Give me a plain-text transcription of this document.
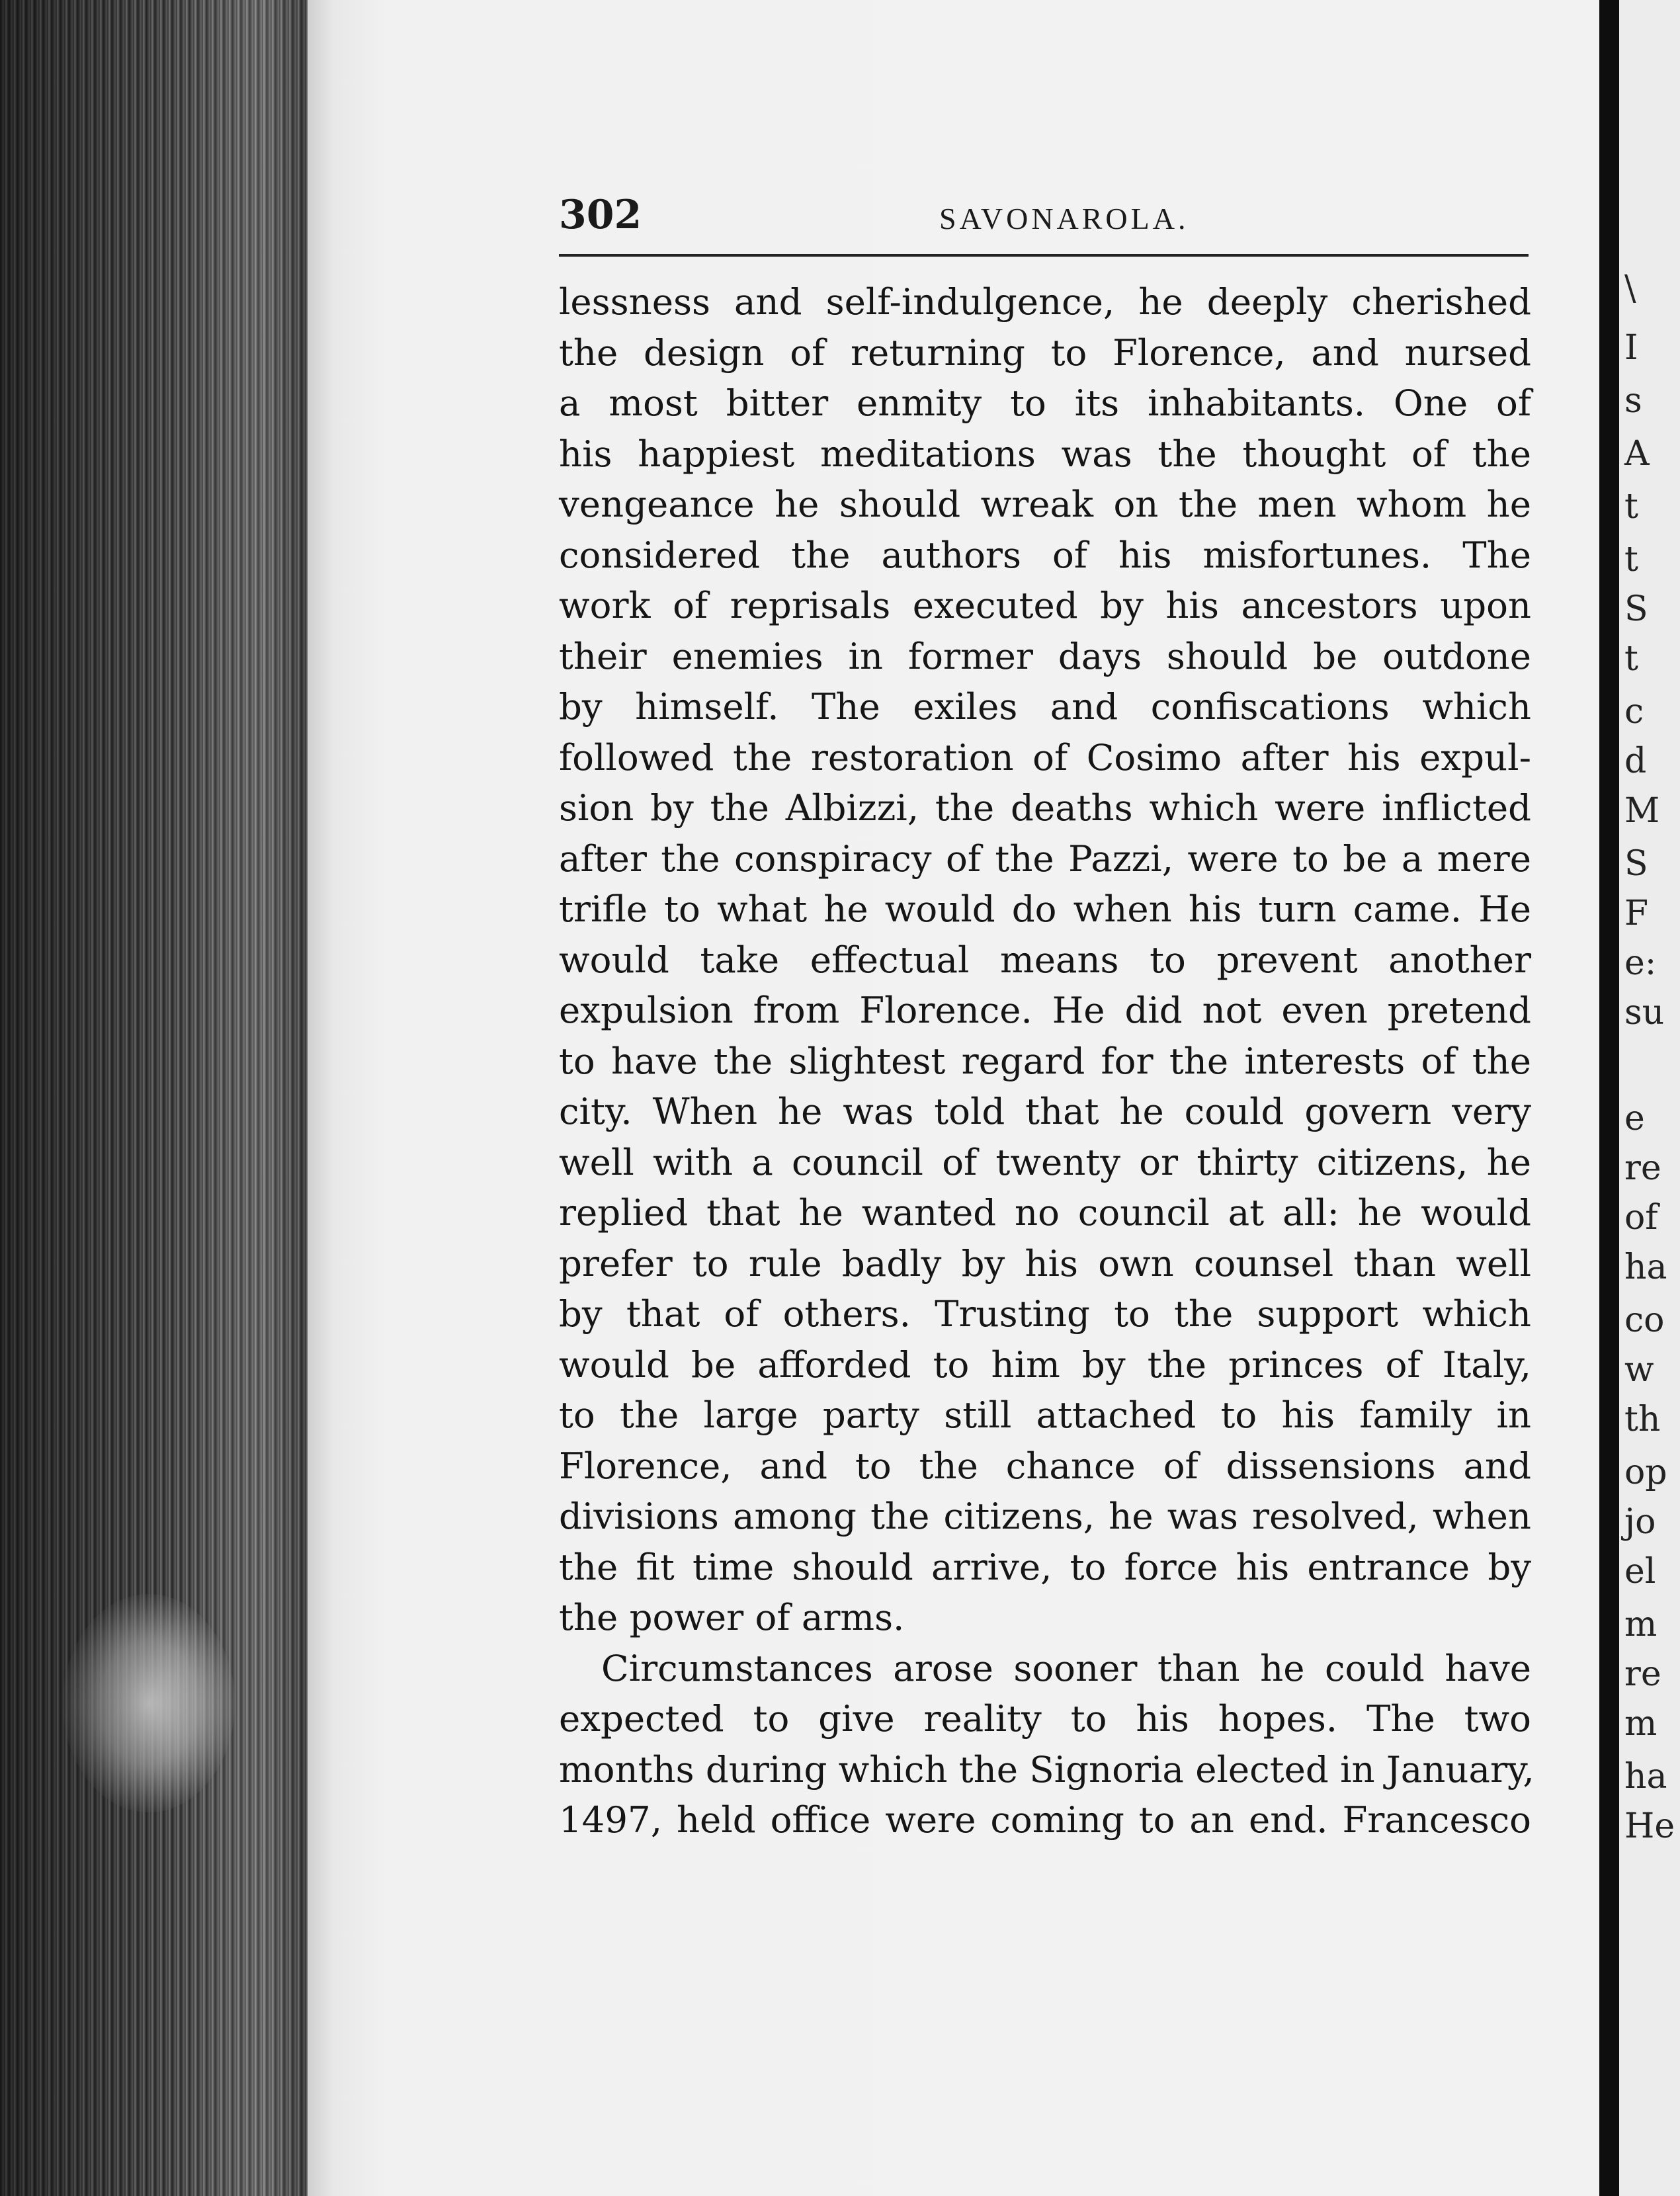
302	SAVONAROLA.
lessness and self-indulgence, he deeply cherished
the design of returning to Florence, and nursed
a most bitter enmity to its inhabitants. One of
his happiest meditations was the thought of the
vengeance he should wreak on the men whom he
considered the authors of his misfortunes. The
work of reprisals executed by his ancestors upon
their enemies in former days should be outdone
by himself. The exiles and confiscations which
followed the restoration of Cosimo after his expul-
sion by the Albizzi, the deaths which were inflicted
after the conspiracy of the Pazzi, were to be a mere
trifle to what he would do when his turn came. He
would take effectual means to prevent another
expulsion from Florence. He did not even pretend
to have the slightest regard for the interests of the
city. When he was told that he could govern very
well with a council of twenty or thirty citizens, he
replied that he wanted no council at all: he would
prefer to rule badly by his own counsel than well
by that of others. Trusting to the support which
would be afforded to him by the princes of Italy,
to the large party still attached to his family in
Florence, and to the chance of dissensions and
divisions among the citizens, he was resolved, when
the fit time should arrive, to force his entrance by
the power of arms.
Circumstances arose sooner than he could have
expected to give reality to his hopes. The two
months during which the Signoria elected in January,
1497, held office were coming to an end. Francesco
\
I
s
A
t
t
S
t
c
d
M
S
F
e:
su
e
re
of
ha
co
w
th
op
jo
el
m
re
m
ha
He
